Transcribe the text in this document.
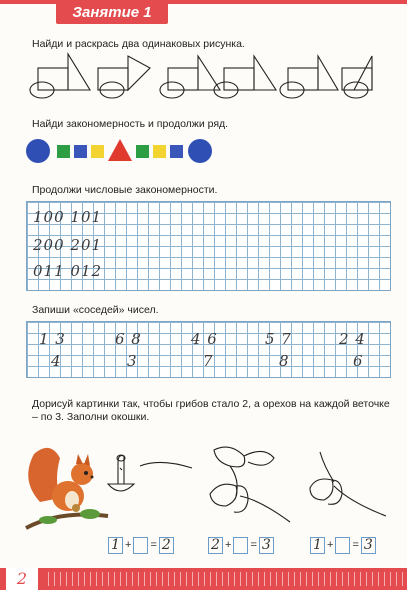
Занятие 1
Найди и раскрась два одинаковых рисунка.
Найди закономерность и продолжи ряд.
Продолжи числовые закономерности.
100 101
200 201
011 012
Запиши «соседей» чисел.
1 3
4
6 8
3
4 6
7
5 7
8
2 4
6
Дорисуй картинки так, чтобы грибов стало 2, а орехов на каждой веточке – по 3. Заполни окошки.
1 + = 2	2 + = 3	1 + = 3
2
